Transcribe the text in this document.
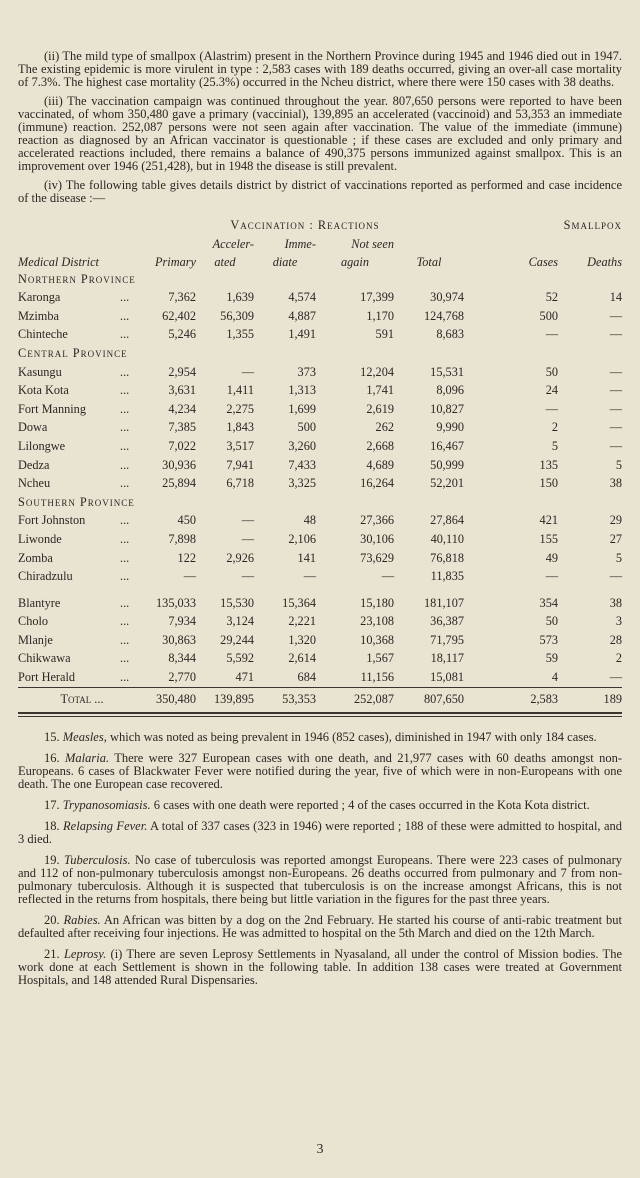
(ii) The mild type of smallpox (Alastrim) present in the Northern Province during 1945 and 1946 died out in 1947. The existing epidemic is more virulent in type : 2,583 cases with 189 deaths occurred, giving an over-all case mortality of 7.3%. The highest case mortality (25.3%) occurred in the Ncheu district, where there were 150 cases with 38 deaths.

(iii) The vaccination campaign was continued throughout the year. 807,650 persons were reported to have been vaccinated, of whom 350,480 gave a primary (vaccinial), 139,895 an accelerated (vaccinoid) and 53,353 an immediate (immune) reaction. 252,087 persons were not seen again after vaccination. The value of the immediate (immune) reaction as diagnosed by an African vaccinator is questionable ; if these cases are excluded and only primary and accelerated reactions included, there remains a balance of 490,375 persons immunized against smallpox. This is an improvement over 1946 (251,428), but in 1948 the disease is still prevalent.

(iv) The following table gives details district by district of vaccinations reported as performed and case incidence of the disease :—

		Vaccination : Reactions					Smallpox	
			Acceler-	Imme-	Not seen			
Medical District		Primary	ated	diate	again	Total	Cases	Deaths
Northern Province								
Karonga	...	7,362	1,639	4,574	17,399	30,974	52	14
Mzimba	...	62,402	56,309	4,887	1,170	124,768	500	—
Chinteche	...	5,246	1,355	1,491	591	8,683	—	—
Central Province								
Kasungu	...	2,954	—	373	12,204	15,531	50	—
Kota Kota	...	3,631	1,411	1,313	1,741	8,096	24	—
Fort Manning	...	4,234	2,275	1,699	2,619	10,827	—	—
Dowa	...	7,385	1,843	500	262	9,990	2	—
Lilongwe	...	7,022	3,517	3,260	2,668	16,467	5	—
Dedza	...	30,936	7,941	7,433	4,689	50,999	135	5
Ncheu	...	25,894	6,718	3,325	16,264	52,201	150	38
Southern Province								
Fort Johnston	...	450	—	48	27,366	27,864	421	29
Liwonde	...	7,898	—	2,106	30,106	40,110	155	27
Zomba	...	122	2,926	141	73,629	76,818	49	5
Chiradzulu	...	—	—	—	—	11,835	—	—

Blantyre	...	135,033	15,530	15,364	15,180	181,107	354	38
Cholo	...	7,934	3,124	2,221	23,108	36,387	50	3
Mlanje	...	30,863	29,244	1,320	10,368	71,795	573	28
Chikwawa	...	8,344	5,592	2,614	1,567	18,117	59	2
Port Herald	...	2,770	471	684	11,156	15,081	4	—
Total ...		350,480	139,895	53,353	252,087	807,650	2,583	189

15. Measles, which was noted as being prevalent in 1946 (852 cases), diminished in 1947 with only 184 cases.

16. Malaria. There were 327 European cases with one death, and 21,977 cases with 60 deaths amongst non-Europeans. 6 cases of Blackwater Fever were notified during the year, five of which were in non-Europeans with one death. The one European case recovered.

17. Trypanosomiasis. 6 cases with one death were reported ; 4 of the cases occurred in the Kota Kota district.

18. Relapsing Fever. A total of 337 cases (323 in 1946) were reported ; 188 of these were admitted to hospital, and 3 died.

19. Tuberculosis. No case of tuberculosis was reported amongst Europeans. There were 223 cases of pulmonary and 112 of non-pulmonary tuberculosis amongst non-Europeans. 26 deaths occurred from pulmonary and 7 from non-pulmonary tuberculosis. Although it is suspected that tuberculosis is on the increase amongst Africans, this is not reflected in the returns from hospitals, there being but little variation in the figures for the past three years.

20. Rabies. An African was bitten by a dog on the 2nd February. He started his course of anti-rabic treatment but defaulted after receiving four injections. He was admitted to hospital on the 5th March and died on the 12th March.

21. Leprosy. (i) There are seven Leprosy Settlements in Nyasaland, all under the control of Mission bodies. The work done at each Settlement is shown in the following table. In addition 138 cases were treated at Government Hospitals, and 148 attended Rural Dispensaries.

3
